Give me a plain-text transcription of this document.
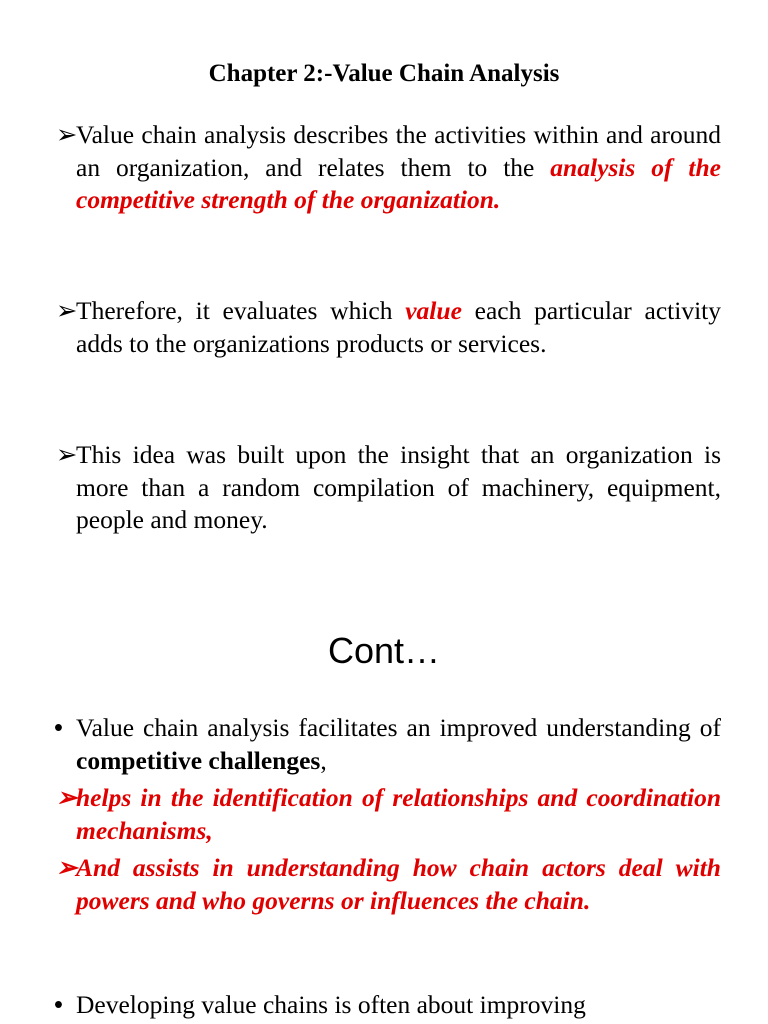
Chapter 2:-Value Chain Analysis
➢
Value chain analysis describes the activities within and around an organization, and relates them to the analysis of the competitive strength of the organization.
➢
Therefore, it evaluates which value each particular activity adds to the organizations products or services.
➢
This idea was built upon the insight that an organization is more than a random compilation of machinery, equipment, people and money.
Cont…
• Value chain analysis facilitates an improved understanding of competitive challenges,
➢
helps in the identification of relationships and coordination mechanisms,
➢
And assists in understanding how chain actors deal with powers and who governs or influences the chain.
• Developing value chains is often about improving
